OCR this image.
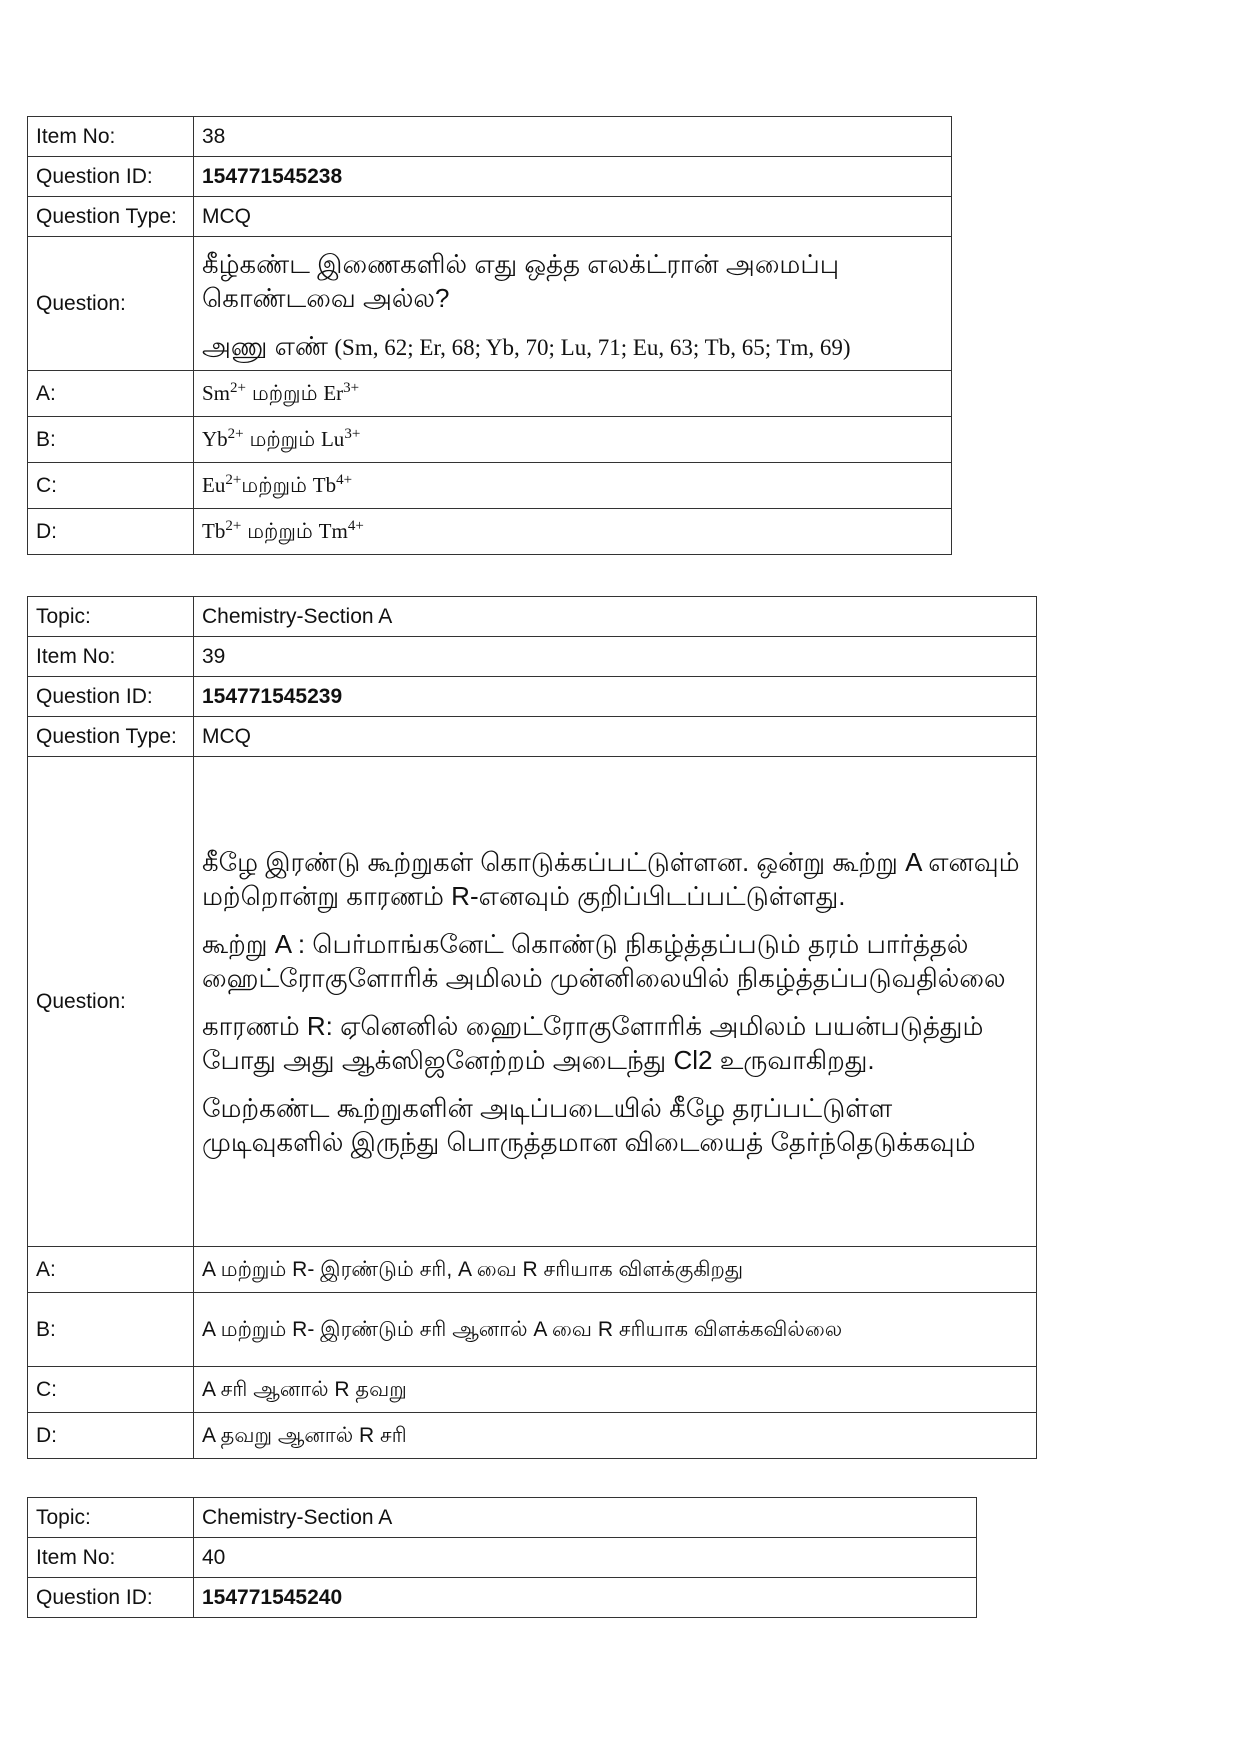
Item No:	38
Question ID:	154771545238
Question Type:	MCQ
Question:	கீழ்கண்ட இணைகளில் எது ஒத்த எலக்ட்ரான் அமைப்பு கொண்டவை அல்ல?

அணு எண் (Sm, 62; Er, 68; Yb, 70; Lu, 71; Eu, 63; Tb, 65; Tm, 69)

A:	$Sm^{2+}$ மற்றும் $Er^{3+}$
B:	$Yb^{2+}$ மற்றும் $Lu^{3+}$
C:	$Eu^{2+}மற்றும்$ $Tb^{4+}$
D:	$Tb^{2+}$ மற்றும் $Tm^{4+}$
Topic:	Chemistry-Section A
Item No:	39
Question ID:	154771545239
Question Type:	MCQ
Question:	கீழே இரண்டு கூற்றுகள் கொடுக்கப்பட்டுள்ளன. ஒன்று கூற்று A எனவும் மற்றொன்று காரணம் R-எனவும் குறிப்பிடப்பட்டுள்ளது.

கூற்று A : பெர்மாங்கனேட் கொண்டு நிகழ்த்தப்படும் தரம் பார்த்தல் ஹைட்ரோகுளோரிக் அமிலம் முன்னிலையில் நிகழ்த்தப்படுவதில்லை

காரணம் R: ஏனெனில் ஹைட்ரோகுளோரிக் அமிலம் பயன்படுத்தும் போது அது ஆக்ஸிஜனேற்றம் அடைந்து Cl2 உருவாகிறது.

மேற்கண்ட கூற்றுகளின் அடிப்படையில் கீழே தரப்பட்டுள்ள முடிவுகளில் இருந்து பொருத்தமான விடையைத் தேர்ந்தெடுக்கவும்

A:	A மற்றும் R- இரண்டும் சரி, A வை R சரியாக விளக்குகிறது
B:	A மற்றும் R- இரண்டும் சரி ஆனால் A வை R சரியாக விளக்கவில்லை
C:	A சரி ஆனால் R தவறு
D:	A தவறு ஆனால் R சரி
Topic:	Chemistry-Section A
Item No:	40
Question ID:	154771545240
